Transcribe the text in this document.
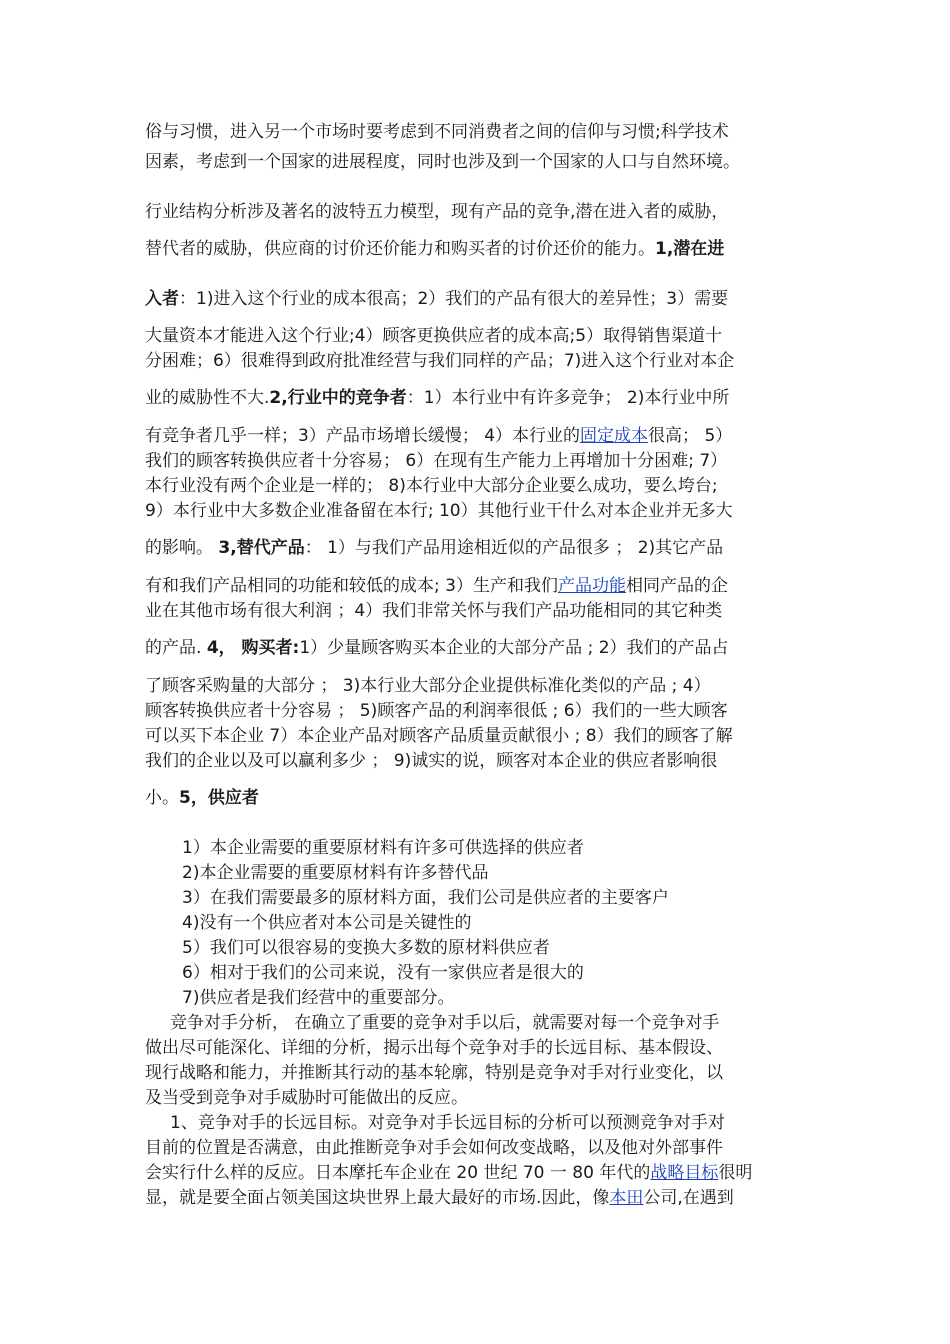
俗与习惯，进入另一个市场时要考虑到不同消费者之间的信仰与习惯;科学技术
因素，考虑到一个国家的进展程度，同时也涉及到一个国家的人口与自然环境。
行业结构分析涉及著名的波特五力模型，现有产品的竞争,潜在进入者的威胁，
替代者的威胁，供应商的讨价还价能力和购买者的讨价还价的能力。1,潜在进
入者：1)进入这个行业的成本很高；2）我们的产品有很大的差异性；3）需要
大量资本才能进入这个行业;4）顾客更换供应者的成本高;5）取得销售渠道十
分困难；6）很难得到政府批准经营与我们同样的产品；7)进入这个行业对本企
业的威胁性不大.2,行业中的竞争者：1）本行业中有许多竞争； 2)本行业中所
有竞争者几乎一样；3）产品市场增长缓慢； 4）本行业的固定成本很高； 5）
我们的顾客转换供应者十分容易； 6）在现有生产能力上再增加十分困难; 7）
本行业没有两个企业是一样的； 8)本行业中大部分企业要么成功，要么垮台;
9）本行业中大多数企业准备留在本行; 10）其他行业干什么对本企业并无多大
的影响。 3,替代产品： 1）与我们产品用途相近似的产品很多 ； 2)其它产品
有和我们产品相同的功能和较低的成本; 3）生产和我们产品功能相同产品的企
业在其他市场有很大利润 ；4）我们非常关怀与我们产品功能相同的其它种类
的产品. 4， 购买者:1）少量顾客购买本企业的大部分产品 ; 2）我们的产品占
了顾客采购量的大部分 ； 3)本行业大部分企业提供标准化类似的产品 ; 4）
顾客转换供应者十分容易 ； 5)顾客产品的利润率很低 ; 6）我们的一些大顾客
可以买下本企业 7）本企业产品对顾客产品质量贡献很小 ; 8）我们的顾客了解
我们的企业以及可以赢利多少 ； 9)诚实的说，顾客对本企业的供应者影响很
小。5，供应者
1）本企业需要的重要原材料有许多可供选择的供应者
2)本企业需要的重要原材料有许多替代品
3）在我们需要最多的原材料方面，我们公司是供应者的主要客户
4)没有一个供应者对本公司是关键性的
5）我们可以很容易的变换大多数的原材料供应者
6）相对于我们的公司来说，没有一家供应者是很大的
7)供应者是我们经营中的重要部分。
竞争对手分析， 在确立了重要的竞争对手以后，就需要对每一个竞争对手
做出尽可能深化、详细的分析，揭示出每个竞争对手的长远目标、基本假设、
现行战略和能力，并推断其行动的基本轮廓，特别是竞争对手对行业变化，以
及当受到竞争对手威胁时可能做出的反应。
1、竞争对手的长远目标。对竞争对手长远目标的分析可以预测竞争对手对
目前的位置是否满意，由此推断竞争对手会如何改变战略，以及他对外部事件
会实行什么样的反应。日本摩托车企业在 20 世纪 70 一 80 年代的战略目标很明
显，就是要全面占领美国这块世界上最大最好的市场.因此，像本田公司,在遇到
